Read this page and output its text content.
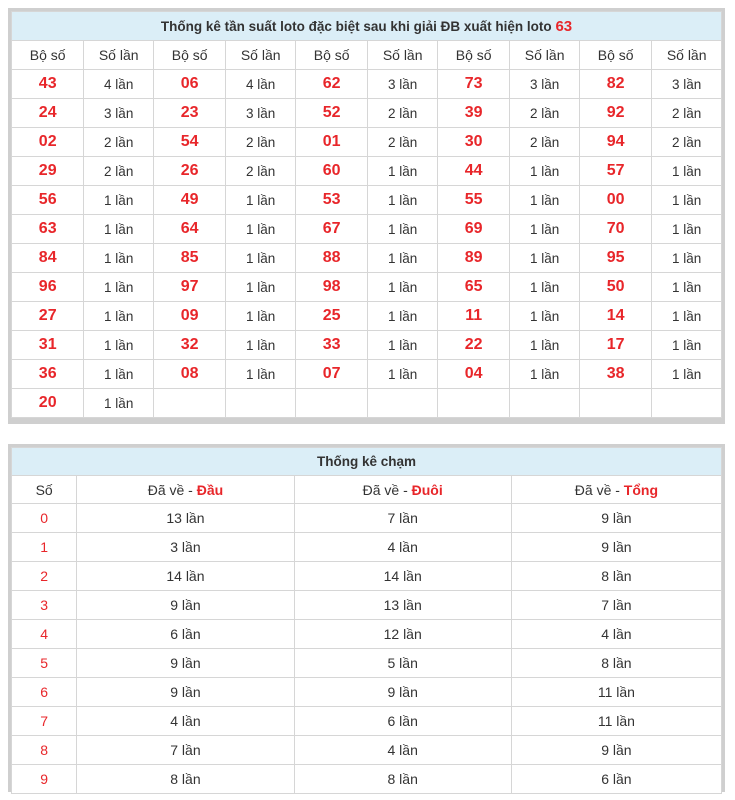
Thống kê tần suất loto đặc biệt sau khi giải ĐB xuất hiện loto 63									
Bộ số	Số lần	Bộ số	Số lần	Bộ số	Số lần	Bộ số	Số lần	Bộ số	Số lần
43	4 lần	06	4 lần	62	3 lần	73	3 lần	82	3 lần
24	3 lần	23	3 lần	52	2 lần	39	2 lần	92	2 lần
02	2 lần	54	2 lần	01	2 lần	30	2 lần	94	2 lần
29	2 lần	26	2 lần	60	1 lần	44	1 lần	57	1 lần
56	1 lần	49	1 lần	53	1 lần	55	1 lần	00	1 lần
63	1 lần	64	1 lần	67	1 lần	69	1 lần	70	1 lần
84	1 lần	85	1 lần	88	1 lần	89	1 lần	95	1 lần
96	1 lần	97	1 lần	98	1 lần	65	1 lần	50	1 lần
27	1 lần	09	1 lần	25	1 lần	11	1 lần	14	1 lần
31	1 lần	32	1 lần	33	1 lần	22	1 lần	17	1 lần
36	1 lần	08	1 lần	07	1 lần	04	1 lần	38	1 lần
20	1 lần								
Thống kê chạm			
Số	Đã về - Đầu	Đã về - Đuôi	Đã về - Tổng
0	13 lần	7 lần	9 lần
1	3 lần	4 lần	9 lần
2	14 lần	14 lần	8 lần
3	9 lần	13 lần	7 lần
4	6 lần	12 lần	4 lần
5	9 lần	5 lần	8 lần
6	9 lần	9 lần	11 lần
7	4 lần	6 lần	11 lần
8	7 lần	4 lần	9 lần
9	8 lần	8 lần	6 lần
